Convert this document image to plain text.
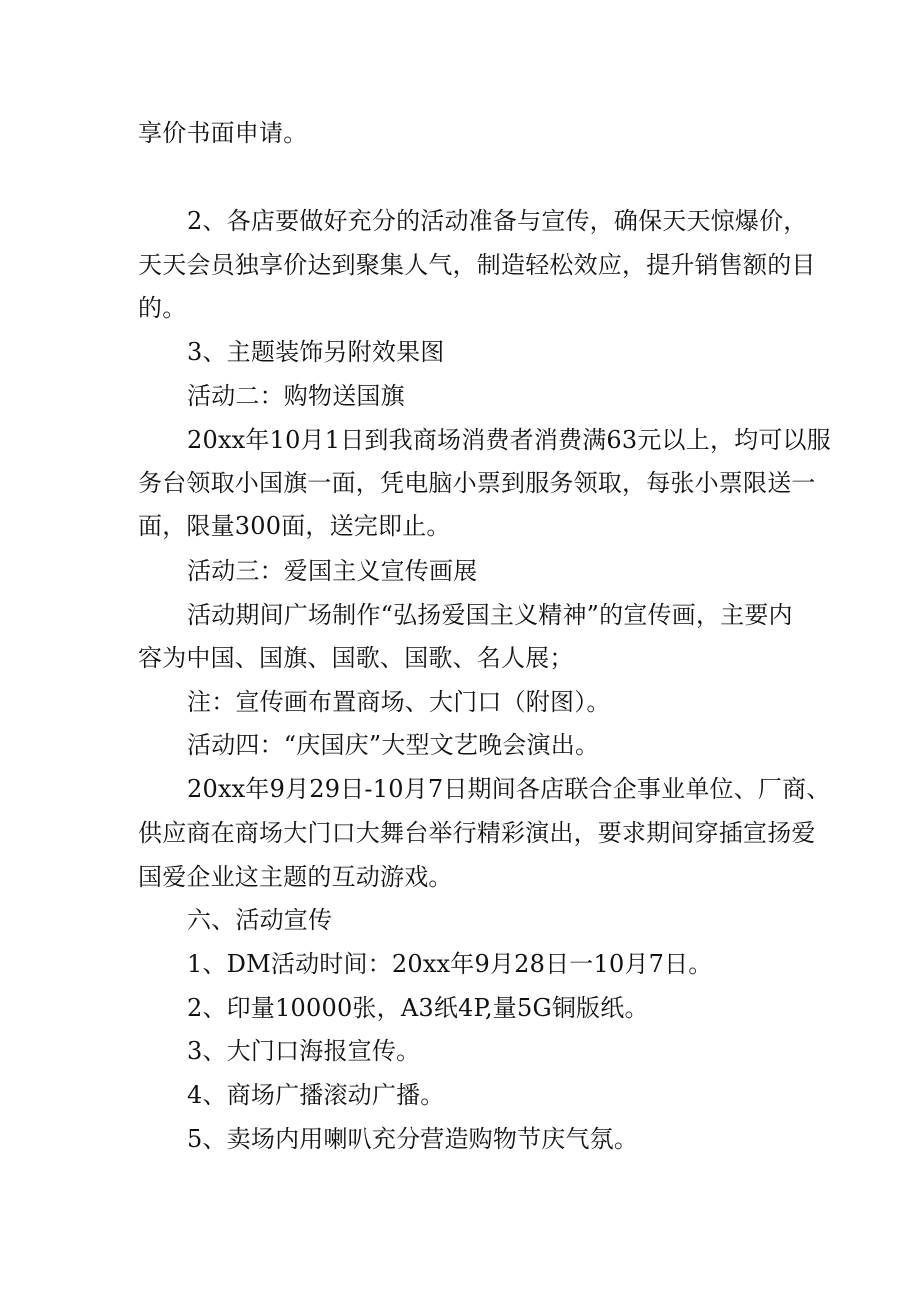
享价书面申请。
2、各店要做好充分的活动准备与宣传，确保天天惊爆价，
天天会员独享价达到聚集人气，制造轻松效应，提升销售额的目
的。
3、主题装饰另附效果图
活动二：购物送国旗
20xx年10月1日到我商场消费者消费满63元以上，均可以服
务台领取小国旗一面，凭电脑小票到服务领取，每张小票限送一
面，限量300面，送完即止。
活动三：爱国主义宣传画展
活动期间广场制作“弘扬爱国主义精神”的宣传画，主要内
容为中国、国旗、国歌、国歌、名人展；
注：宣传画布置商场、大门口（附图）。
活动四：“庆国庆”大型文艺晚会演出。
20xx年9月29日-10月7日期间各店联合企事业单位、厂商、
供应商在商场大门口大舞台举行精彩演出，要求期间穿插宣扬爱
国爱企业这主题的互动游戏。
六、活动宣传
1、DM活动时间：20xx年9月28日一10月7日。
2、印量10000张，A3纸4P,量5G铜版纸。
3、大门口海报宣传。
4、商场广播滚动广播。
5、卖场内用喇叭充分营造购物节庆气氛。
